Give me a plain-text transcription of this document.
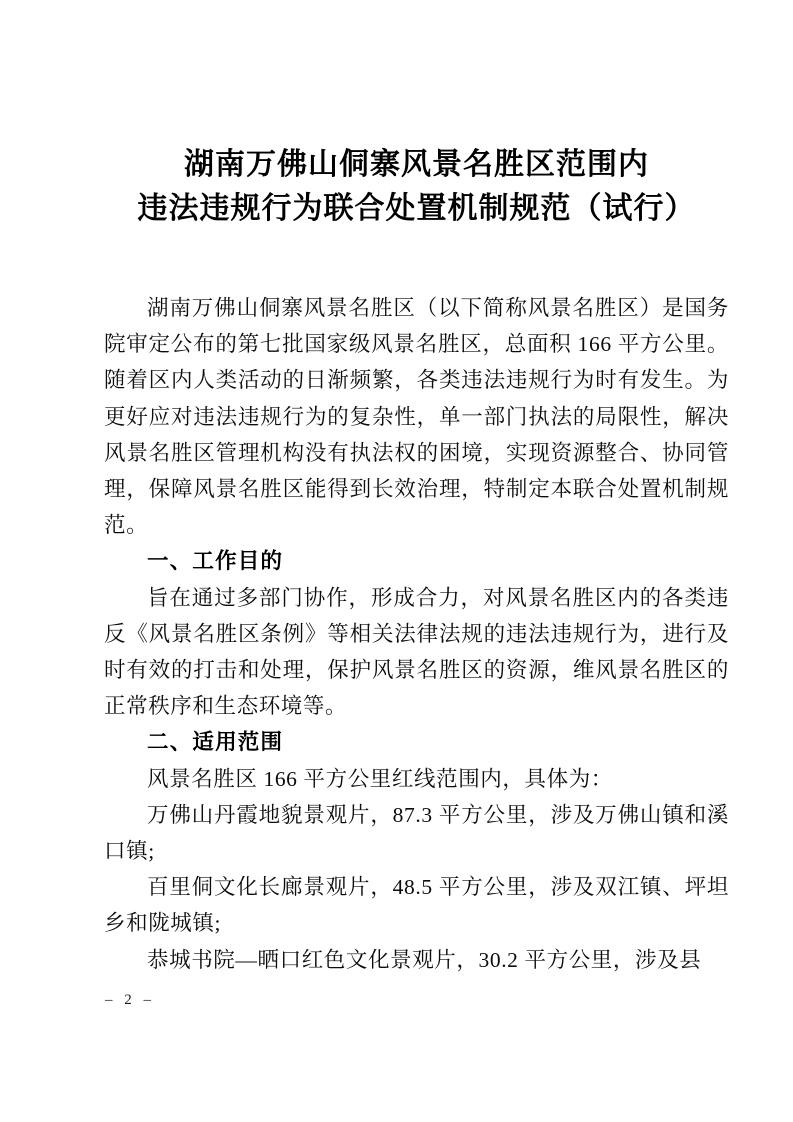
湖南万佛山侗寨风景名胜区范围内
违法违规行为联合处置机制规范（试行）

湖南万佛山侗寨风景名胜区（以下简称风景名胜区）是国务院审定公布的第七批国家级风景名胜区，总面积 166 平方公里。随着区内人类活动的日渐频繁，各类违法违规行为时有发生。为更好应对违法违规行为的复杂性，单一部门执法的局限性，解决风景名胜区管理机构没有执法权的困境，实现资源整合、协同管理，保障风景名胜区能得到长效治理，特制定本联合处置机制规范。

一、工作目的

旨在通过多部门协作，形成合力，对风景名胜区内的各类违反《风景名胜区条例》等相关法律法规的违法违规行为，进行及时有效的打击和处理，保护风景名胜区的资源，维风景名胜区的正常秩序和生态环境等。

二、适用范围

风景名胜区 166 平方公里红线范围内，具体为：

万佛山丹霞地貌景观片，87.3 平方公里，涉及万佛山镇和溪口镇;

百里侗文化长廊景观片，48.5 平方公里，涉及双江镇、坪坦乡和陇城镇;

恭城书院—晒口红色文化景观片，30.2 平方公里，涉及县

– 2 –
